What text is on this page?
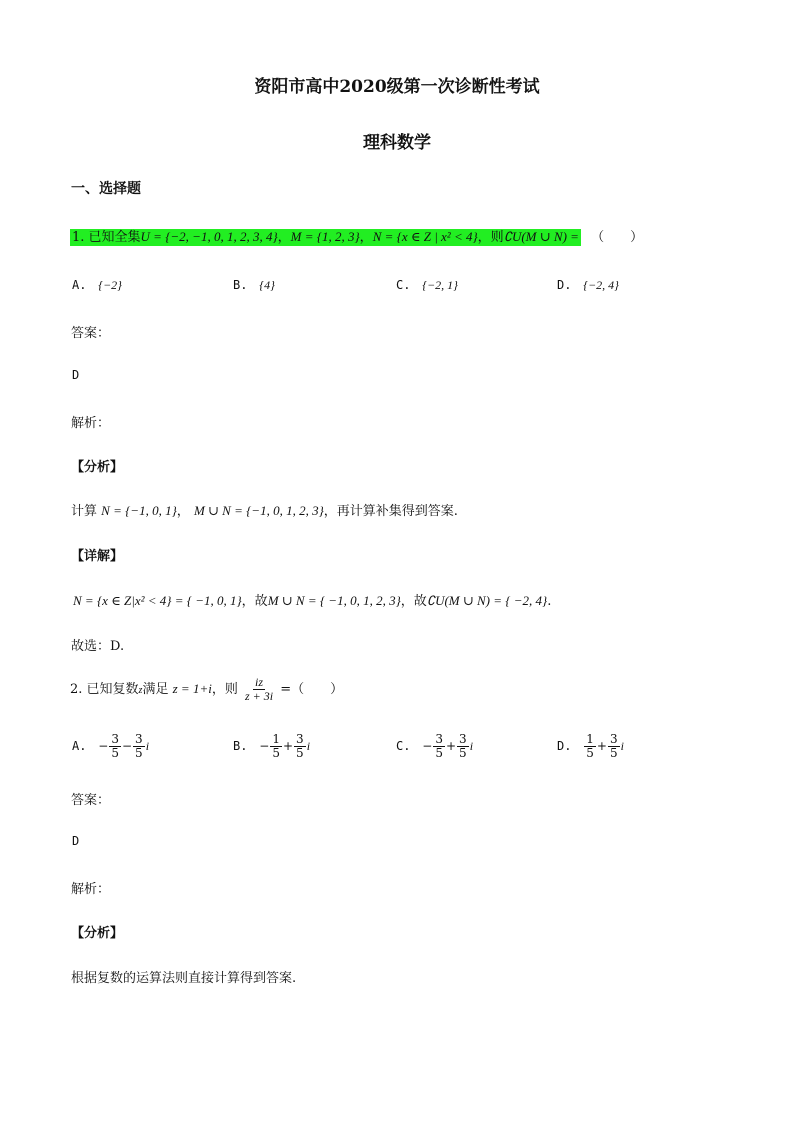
资阳市高中2020级第一次诊断性考试
理科数学
一、选择题
1. 已知全集U = {−2, −1, 0, 1, 2, 3, 4}，M = {1, 2, 3}，N = {x ∈ Z | x² < 4}，则∁U(M ∪ N) = （　　）
A. {−2}	B. {4}	C. {−2, 1}	D. {−2, 4}
答案：
D
解析：
【分析】
计算 N = {−1, 0, 1}， M ∪ N = {−1, 0, 1, 2, 3}，再计算补集得到答案.
【详解】
N = {x ∈ Z|x² < 4} = { −1, 0, 1}，故M ∪ N = { −1, 0, 1, 2, 3}，故∁U(M ∪ N) = { −2, 4}.
故选：D.
2. 已知复数z满足 z = 1+i，则 $\frac{iz}{z + 3i}$ =（　　）
A. − $\frac{3}{5} - \frac{3}{5}$ i	B. − $\frac{1}{5} + \frac{3}{5}$ i	C. − $\frac{3}{5} + \frac{3}{5}$ i	D. $\frac{1}{5} + \frac{3}{5}$ i
答案：
D
解析：
【分析】
根据复数的运算法则直接计算得到答案.
